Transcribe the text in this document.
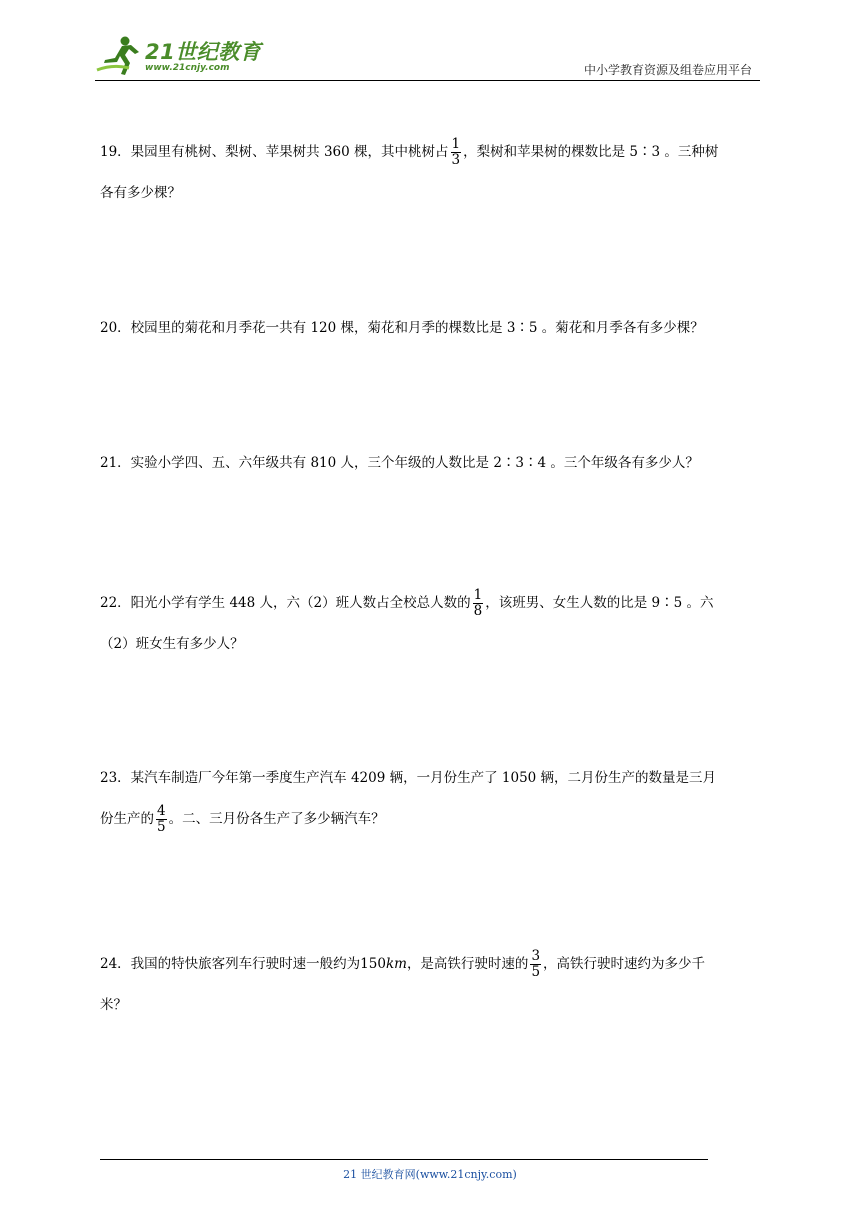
21世纪教育
www.21cnjy.com	中小学教育资源及组卷应用平台

19．果园里有桃树、梨树、苹果树共 360 棵，其中桃树占 $\frac{1}{3}$ ，梨树和苹果树的棵数比是 5∶3 。三种树

各有多少棵？

20．校园里的菊花和月季花一共有 120 棵，菊花和月季的棵数比是 3∶5 。菊花和月季各有多少棵？

21．实验小学四、五、六年级共有 810 人，三个年级的人数比是 2∶3∶4 。三个年级各有多少人？

22．阳光小学有学生 448 人，六（2）班人数占全校总人数的 $\frac{1}{8}$ ，该班男、女生人数的比是 9∶5 。六

（2）班女生有多少人？

23．某汽车制造厂今年第一季度生产汽车 4209 辆，一月份生产了 1050 辆，二月份生产的数量是三月

份生产的 $\frac{4}{5}$ 。二、三月份各生产了多少辆汽车？

24．我国的特快旅客列车行驶时速一般约为150km，是高铁行驶时速的 $\frac{3}{5}$ ，高铁行驶时速约为多少千

米？

21 世纪教育网(www.21cnjy.com)
